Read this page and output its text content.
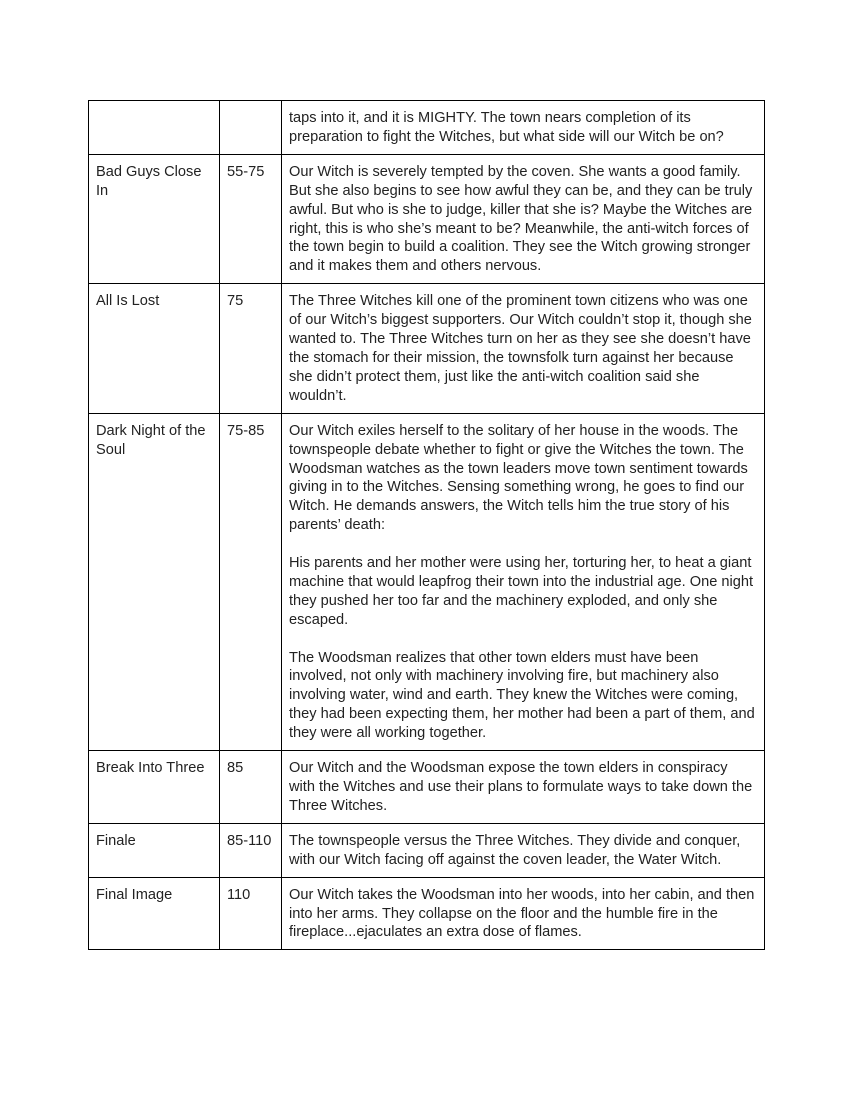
		taps into it, and it is MIGHTY. The town nears completion of its preparation to fight the Witches, but what side will our Witch be on?

Bad Guys Close In	55-75	Our Witch is severely tempted by the coven. She wants a good family. But she also begins to see how awful they can be, and they can be truly awful. But who is she to judge, killer that she is? Maybe the Witches are right, this is who she’s meant to be? Meanwhile, the anti-witch forces of the town begin to build a coalition. They see the Witch growing stronger and it makes them and others nervous.

All Is Lost	75	The Three Witches kill one of the prominent town citizens who was one of our Witch’s biggest supporters. Our Witch couldn’t stop it, though she wanted to. The Three Witches turn on her as they see she doesn’t have the stomach for their mission, the townsfolk turn against her because she didn’t protect them, just like the anti-witch coalition said she wouldn’t.

Dark Night of the Soul	75-85	Our Witch exiles herself to the solitary of her house in the woods. The townspeople debate whether to fight or give the Witches the town. The Woodsman watches as the town leaders move town sentiment towards giving in to the Witches. Sensing something wrong, he goes to find our Witch. He demands answers, the Witch tells him the true story of his parents’ death:

His parents and her mother were using her, torturing her, to heat a giant machine that would leapfrog their town into the industrial age. One night they pushed her too far and the machinery exploded, and only she escaped.

The Woodsman realizes that other town elders must have been involved, not only with machinery involving fire, but machinery also involving water, wind and earth. They knew the Witches were coming, they had been expecting them, her mother had been a part of them, and they were all working together.

Break Into Three	85	Our Witch and the Woodsman expose the town elders in conspiracy with the Witches and use their plans to formulate ways to take down the Three Witches.

Finale	85-110	The townspeople versus the Three Witches. They divide and conquer, with our Witch facing off against the coven leader, the Water Witch.

Final Image	110	Our Witch takes the Woodsman into her woods, into her cabin, and then into her arms. They collapse on the floor and the humble fire in the fireplace...ejaculates an extra dose of flames.
